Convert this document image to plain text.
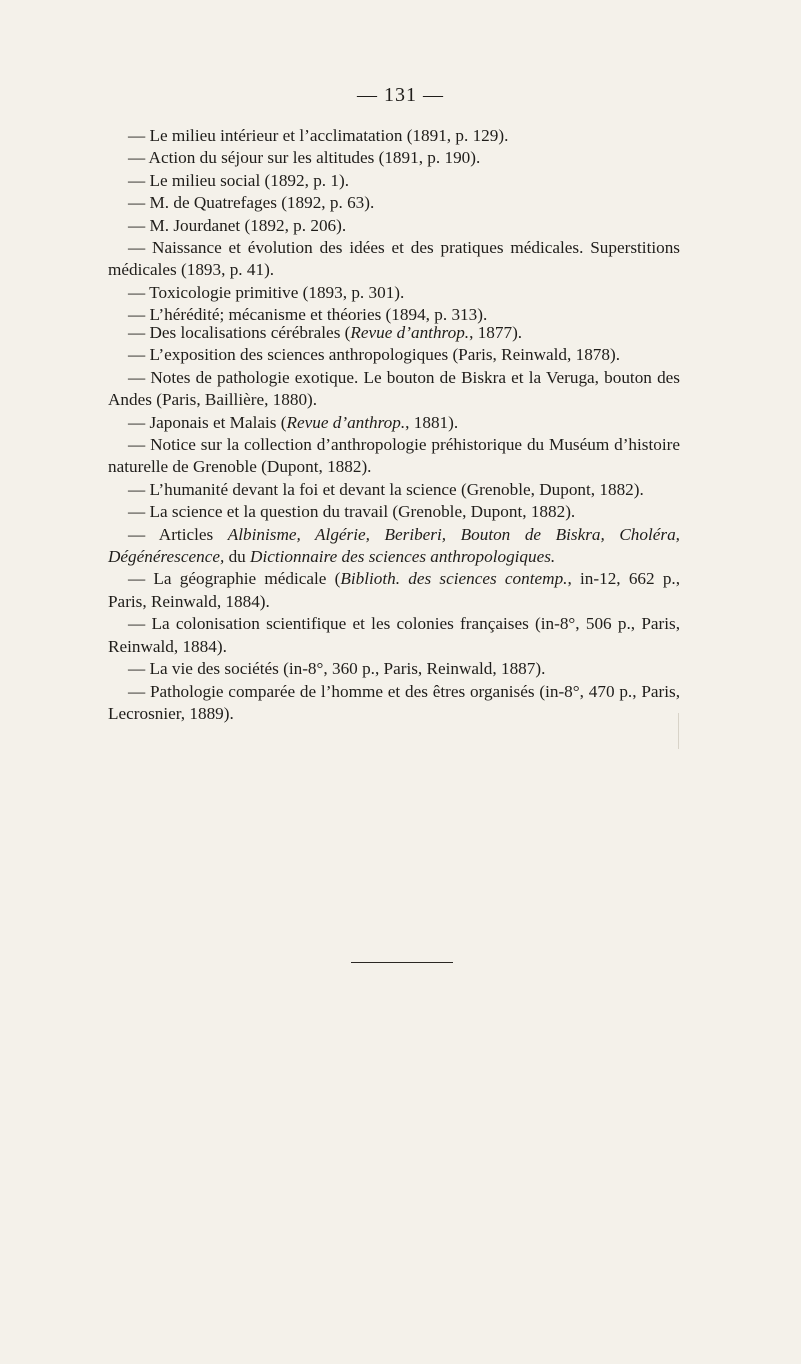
— 131 —

— Le milieu intérieur et l’acclimatation (1891, p. 129).

— Action du séjour sur les altitudes (1891, p. 190).

— Le milieu social (1892, p. 1).

— M. de Quatrefages (1892, p. 63).

— M. Jourdanet (1892, p. 206).

— Naissance et évolution des idées et des pratiques médicales. Superstitions médicales (1893, p. 41).

— Toxicologie primitive (1893, p. 301).

— L’hérédité; mécanisme et théories (1894, p. 313).

— Des localisations cérébrales (Revue d’anthrop., 1877).

— L’exposition des sciences anthropologiques (Paris, Reinwald, 1878).

— Notes de pathologie exotique. Le bouton de Biskra et la Veruga, bouton des Andes (Paris, Baillière, 1880).

— Japonais et Malais (Revue d’anthrop., 1881).

— Notice sur la collection d’anthropologie préhistorique du Muséum d’histoire naturelle de Grenoble (Dupont, 1882).

— L’humanité devant la foi et devant la science (Grenoble, Dupont, 1882).

— La science et la question du travail (Grenoble, Dupont, 1882).

— Articles Albinisme, Algérie, Beriberi, Bouton de Biskra, Choléra, Dégénérescence, du Dictionnaire des sciences anthropologiques.

— La géographie médicale (Biblioth. des sciences contemp., in-12, 662 p., Paris, Reinwald, 1884).

— La colonisation scientifique et les colonies françaises (in-8°, 506 p., Paris, Reinwald, 1884).

— La vie des sociétés (in-8°, 360 p., Paris, Reinwald, 1887).

— Pathologie comparée de l’homme et des êtres organisés (in-8°, 470 p., Paris, Lecrosnier, 1889).
